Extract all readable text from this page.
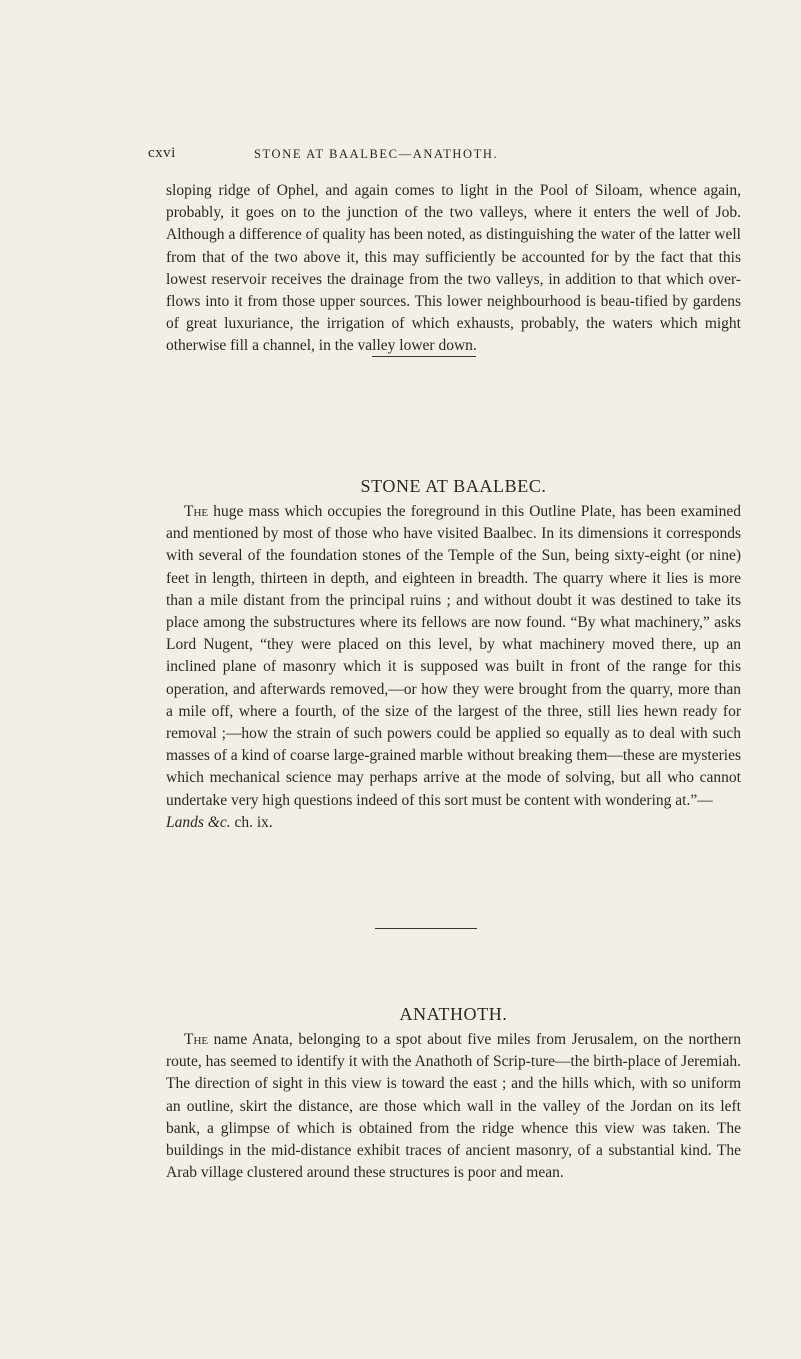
cxvi	STONE AT BAALBEC—ANATHOTH.

sloping ridge of Ophel, and again comes to light in the Pool of Siloam, whence again, probably, it goes on to the junction of the two valleys, where it enters the well of Job. Although a difference of quality has been noted, as distinguishing the water of the latter well from that of the two above it, this may sufficiently be accounted for by the fact that this lowest reservoir receives the drainage from the two valleys, in addition to that which over-flows into it from those upper sources. This lower neighbourhood is beau-tified by gardens of great luxuriance, the irrigation of which exhausts, probably, the waters which might otherwise fill a channel, in the valley lower down.

STONE AT BAALBEC.

The huge mass which occupies the foreground in this Outline Plate, has been examined and mentioned by most of those who have visited Baalbec. In its dimensions it corresponds with several of the foundation stones of the Temple of the Sun, being sixty-eight (or nine) feet in length, thirteen in depth, and eighteen in breadth. The quarry where it lies is more than a mile distant from the principal ruins ; and without doubt it was destined to take its place among the substructures where its fellows are now found. “By what machinery,” asks Lord Nugent, “they were placed on this level, by what machinery moved there, up an inclined plane of masonry which it is supposed was built in front of the range for this operation, and afterwards removed,—or how they were brought from the quarry, more than a mile off, where a fourth, of the size of the largest of the three, still lies hewn ready for removal ;—how the strain of such powers could be applied so equally as to deal with such masses of a kind of coarse large-grained marble without breaking them—these are mysteries which mechanical science may perhaps arrive at the mode of solving, but all who cannot undertake very high questions indeed of this sort must be content with wondering at.”—
Lands &c. ch. ix.

ANATHOTH.

The name Anata, belonging to a spot about five miles from Jerusalem, on the northern route, has seemed to identify it with the Anathoth of Scrip-ture—the birth-place of Jeremiah. The direction of sight in this view is toward the east ; and the hills which, with so uniform an outline, skirt the distance, are those which wall in the valley of the Jordan on its left bank, a glimpse of which is obtained from the ridge whence this view was taken. The buildings in the mid-distance exhibit traces of ancient masonry, of a substantial kind. The Arab village clustered around these structures is poor and mean.
